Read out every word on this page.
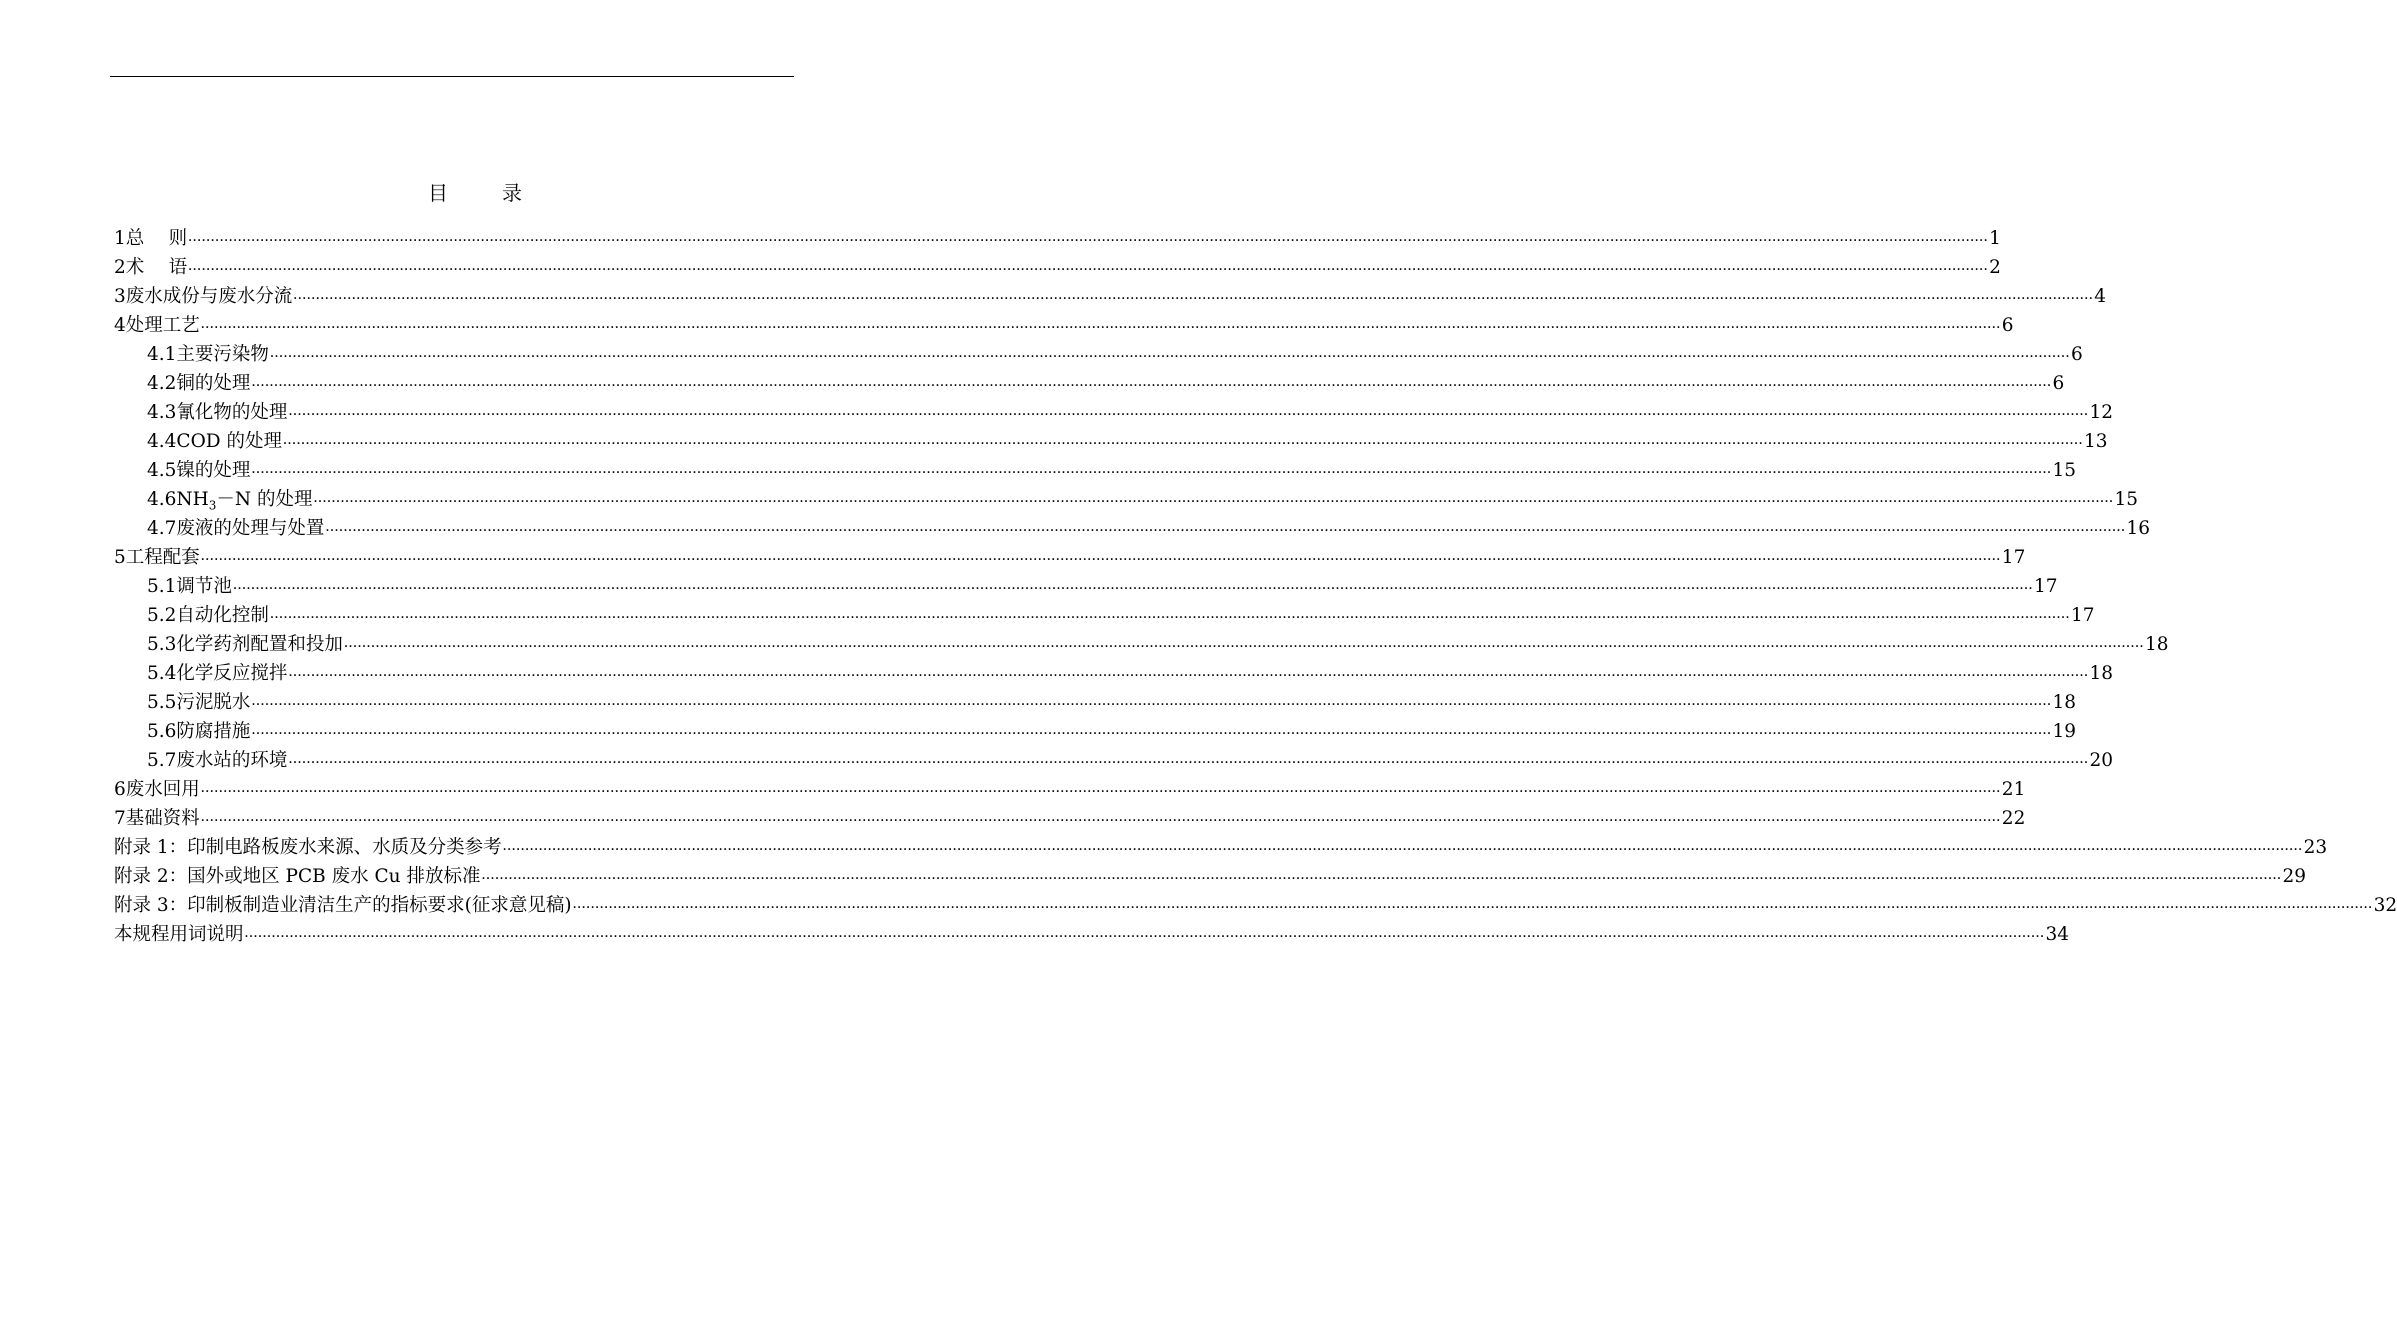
目	录
1 总　 则 ................................................................................................................................................................................................................................................................................................................................................................................................................ 1
2 术　 语 ................................................................................................................................................................................................................................................................................................................................................................................................................ 2
3 废水成份与废水分流 ................................................................................................................................................................................................................................................................................................................................................................................................................ 4
4 处理工艺 ................................................................................................................................................................................................................................................................................................................................................................................................................ 6
4.1 主要污染物 ................................................................................................................................................................................................................................................................................................................................................................................................................ 6
4.2 铜的处理 ................................................................................................................................................................................................................................................................................................................................................................................................................ 6
4.3 氰化物的处理 ................................................................................................................................................................................................................................................................................................................................................................................................................ 12
4.4 COD 的处理 ................................................................................................................................................................................................................................................................................................................................................................................................................ 13
4.5 镍的处理 ................................................................................................................................................................................................................................................................................................................................................................................................................ 15
4.6 $NH_3-N$ 的处理 ................................................................................................................................................................................................................................................................................................................................................................................................................ 15
4.7 废液的处理与处置 ................................................................................................................................................................................................................................................................................................................................................................................................................ 16
5 工程配套 ................................................................................................................................................................................................................................................................................................................................................................................................................ 17
5.1 调节池 ................................................................................................................................................................................................................................................................................................................................................................................................................ 17
5.2 自动化控制 ................................................................................................................................................................................................................................................................................................................................................................................................................ 17
5.3 化学药剂配置和投加 ................................................................................................................................................................................................................................................................................................................................................................................................................ 18
5.4 化学反应搅拌 ................................................................................................................................................................................................................................................................................................................................................................................................................ 18
5.5 污泥脱水 ................................................................................................................................................................................................................................................................................................................................................................................................................ 18
5.6 防腐措施 ................................................................................................................................................................................................................................................................................................................................................................................................................ 19
5.7 废水站的环境 ................................................................................................................................................................................................................................................................................................................................................................................................................ 20
6 废水回用 ................................................................................................................................................................................................................................................................................................................................................................................................................ 21
7 基础资料 ................................................................................................................................................................................................................................................................................................................................................................................................................ 22
附录 1：印制电路板废水来源、水质及分类参考 ................................................................................................................................................................................................................................................................................................................................................................................................................ 23
附录 2：国外或地区 PCB 废水 Cu 排放标准 ................................................................................................................................................................................................................................................................................................................................................................................................................ 29
附录 3：印制板制造业清洁生产的指标要求(征求意见稿) ................................................................................................................................................................................................................................................................................................................................................................................................................ 32
本规程用词说明 ................................................................................................................................................................................................................................................................................................................................................................................................................ 34
